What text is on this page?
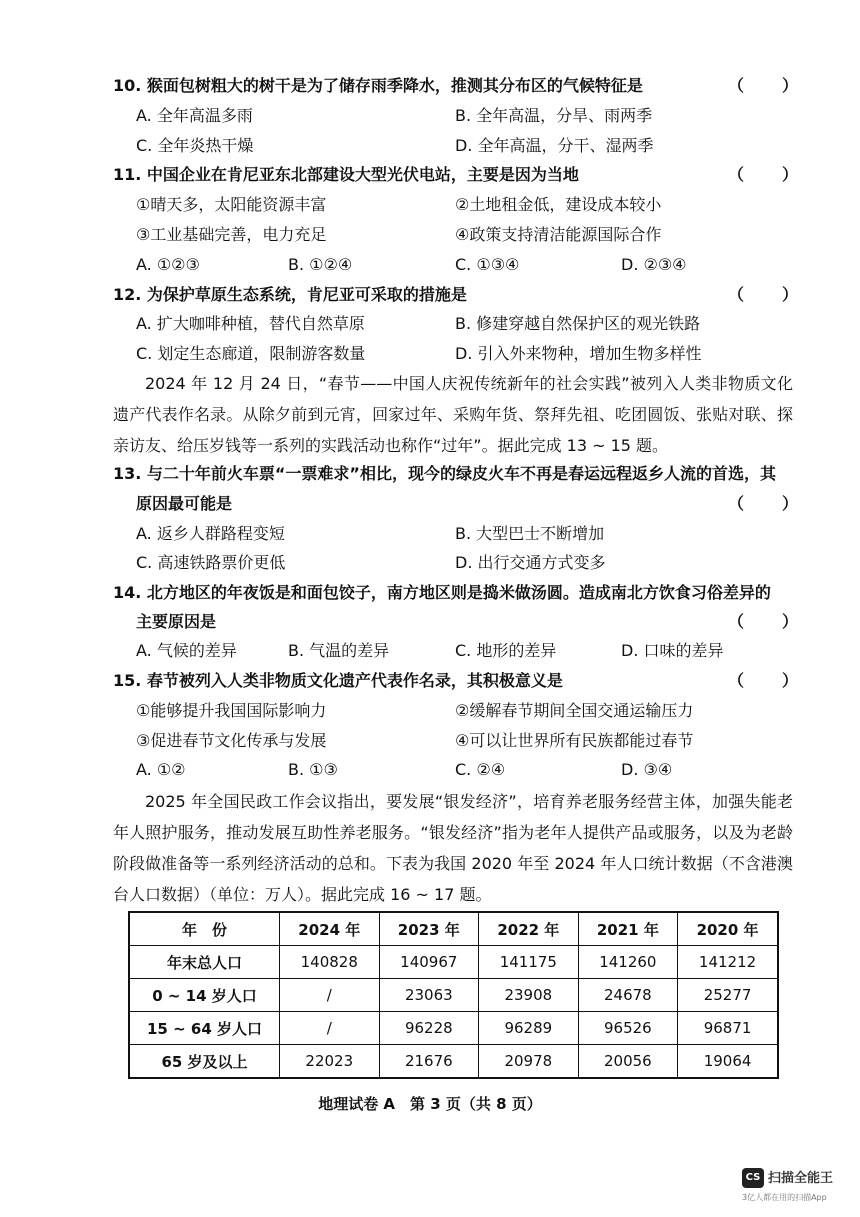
10. 猴面包树粗大的树干是为了储存雨季降水，推测其分布区的气候特征是	（　　）
A. 全年高温多雨	B. 全年高温，分旱、雨两季
C. 全年炎热干燥	D. 全年高温，分干、湿两季
11. 中国企业在肯尼亚东北部建设大型光伏电站，主要是因为当地	（　　）
①晴天多，太阳能资源丰富	②土地租金低，建设成本较小
③工业基础完善，电力充足	④政策支持清洁能源国际合作
A. ①②③	B. ①②④	C. ①③④	D. ②③④
12. 为保护草原生态系统，肯尼亚可采取的措施是	（　　）
A. 扩大咖啡种植，替代自然草原	B. 修建穿越自然保护区的观光铁路
C. 划定生态廊道，限制游客数量	D. 引入外来物种，增加生物多样性
2024 年 12 月 24 日，“春节——中国人庆祝传统新年的社会实践”被列入人类非物质文化遗产代表作名录。从除夕前到元宵，回家过年、采购年货、祭拜先祖、吃团圆饭、张贴对联、探亲访友、给压岁钱等一系列的实践活动也称作“过年”。据此完成 13 ~ 15 题。
13. 与二十年前火车票“一票难求”相比，现今的绿皮火车不再是春运远程返乡人流的首选，其
原因最可能是	（　　）
A. 返乡人群路程变短	B. 大型巴士不断增加
C. 高速铁路票价更低	D. 出行交通方式变多
14. 北方地区的年夜饭是和面包饺子，南方地区则是捣米做汤圆。造成南北方饮食习俗差异的
主要原因是	（　　）
A. 气候的差异	B. 气温的差异	C. 地形的差异	D. 口味的差异
15. 春节被列入人类非物质文化遗产代表作名录，其积极意义是	（　　）
①能够提升我国国际影响力	②缓解春节期间全国交通运输压力
③促进春节文化传承与发展	④可以让世界所有民族都能过春节
A. ①②	B. ①③	C. ②④	D. ③④
2025 年全国民政工作会议指出，要发展“银发经济”，培育养老服务经营主体，加强失能老年人照护服务，推动发展互助性养老服务。“银发经济”指为老年人提供产品或服务，以及为老龄阶段做准备等一系列经济活动的总和。下表为我国 2020 年至 2024 年人口统计数据（不含港澳台人口数据）（单位：万人）。据此完成 16 ~ 17 题。
年　份	2024 年	2023 年	2022 年	2021 年	2020 年
年末总人口	140828	140967	141175	141260	141212
0 ~ 14 岁人口	/	23063	23908	24678	25277
15 ~ 64 岁人口	/	96228	96289	96526	96871
65 岁及以上	22023	21676	20978	20056	19064
地理试卷 A　第 3 页（共 8 页）
CS 扫描全能王
3亿人都在用的扫描App
